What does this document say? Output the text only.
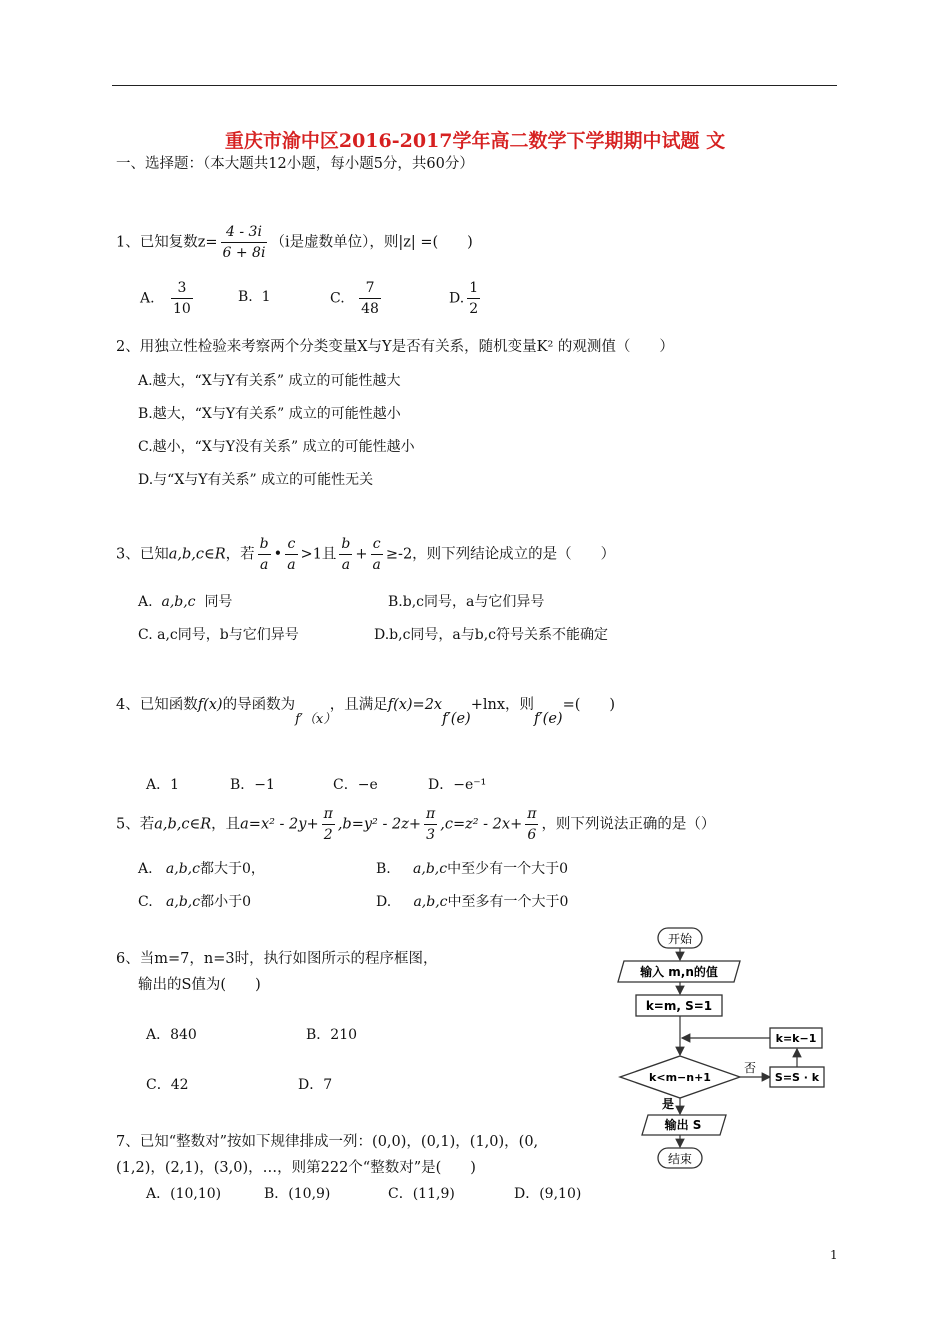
重庆市渝中区2016-2017学年高二数学下学期期中试题 文
一、选择题：（本大题共12小题，每小题5分，共60分）
1、已知复数$z= \frac{4 - 3i}{6 + 8i} (i$是虚数单位），则|z| =(　　)
A. $\frac{3}{10}$	B. 1	C. $\frac{7}{48}$	D. $\frac{1}{2}$
2、用独立性检验来考察两个分类变量X与Y是否有关系，随机变量K² 的观测值（　　）
A.越大，“X与Y有关系” 成立的可能性越大
B.越大，“X与Y有关系” 成立的可能性越小
C.越小，“X与Y没有关系” 成立的可能性越小
D.与“X与Y有关系” 成立的可能性无关
3、已知a,b,c∈R，若 $\frac{b}{a}$ • $\frac{c}{a} >1$且 $\frac{b}{a} + \frac{c}{a} \ge-2$，则下列结论成立的是（　　）
A. a,b,c 同号	B.b,c同号，a与它们异号
C. a,c同号，b与它们异号	D.b,c同号，a与b,c符号关系不能确定
4、已知函数f(x)的导函数为f′（x），且满足f(x)=2xf′(e)+lnx，则f′(e)=(　　)
A．1	B．−1	C．−e	D．−e⁻¹
5、若a,b,c∈R，且$a=x^2 - 2y+ \frac{\pi}{2} ,b=y^2 - 2z+ \frac{\pi}{3} ,c=z^2 - 2x+ \frac{\pi}{6}$ ，则下列说法正确的是（）
A. a,b,c都大于0，	B. a,b,c中至少有一个大于0
C. a,b,c都小于0	D. a,b,c中至多有一个大于0
6、当m=7，n=3时，执行如图所示的程序框图，
输出的S值为(　　)
A．840	B．210
C．42	D．7
开始
输入 m,n的值
k=m, S=1
k=k−1
k<m−n+1
否
S=S · k
是
输出 S
结束
7、已知“整数对”按如下规律排成一列：(0,0)，(0,1)，(1,0)，(0,
(1,2)，(2,1)，(3,0)，…，则第222个“整数对”是(　　)
A．(10,10)	B．(10,9)	C．(11,9)	D．(9,10)
1
